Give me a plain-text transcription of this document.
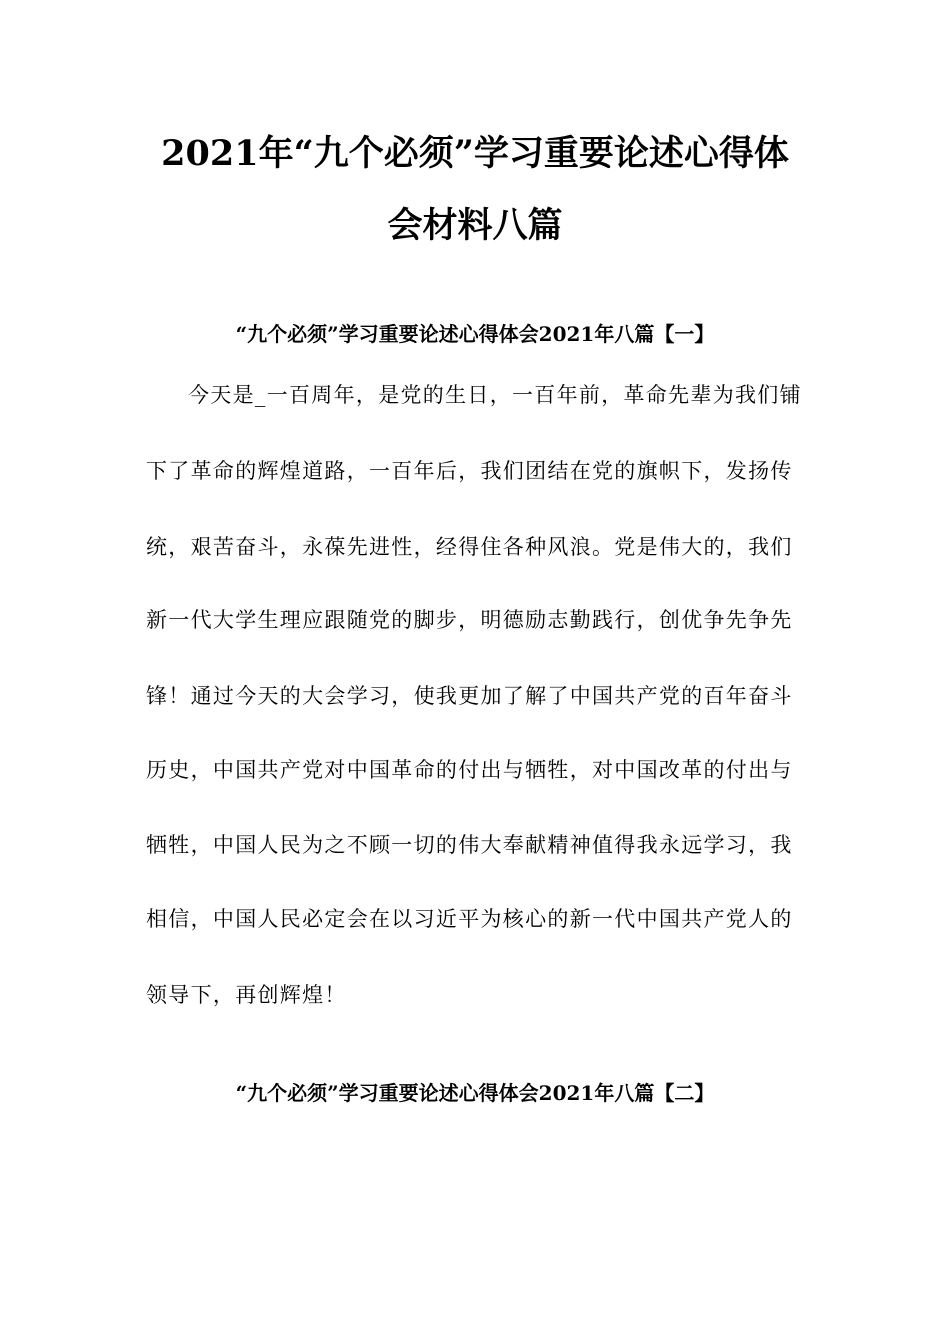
2021年“九个必须”学习重要论述心得体
会材料八篇
“九个必须”学习重要论述心得体会2021年八篇【一】
今天是_一百周年，是党的生日，一百年前，革命先辈为我们铺
下了革命的辉煌道路，一百年后，我们团结在党的旗帜下，发扬传
统，艰苦奋斗，永葆先进性，经得住各种风浪。党是伟大的，我们
新一代大学生理应跟随党的脚步，明德励志勤践行，创优争先争先
锋！通过今天的大会学习，使我更加了解了中国共产党的百年奋斗
历史，中国共产党对中国革命的付出与牺牲，对中国改革的付出与
牺牲，中国人民为之不顾一切的伟大奉献精神值得我永远学习，我
相信，中国人民必定会在以习近平为核心的新一代中国共产党人的
领导下，再创辉煌！
“九个必须”学习重要论述心得体会2021年八篇【二】
